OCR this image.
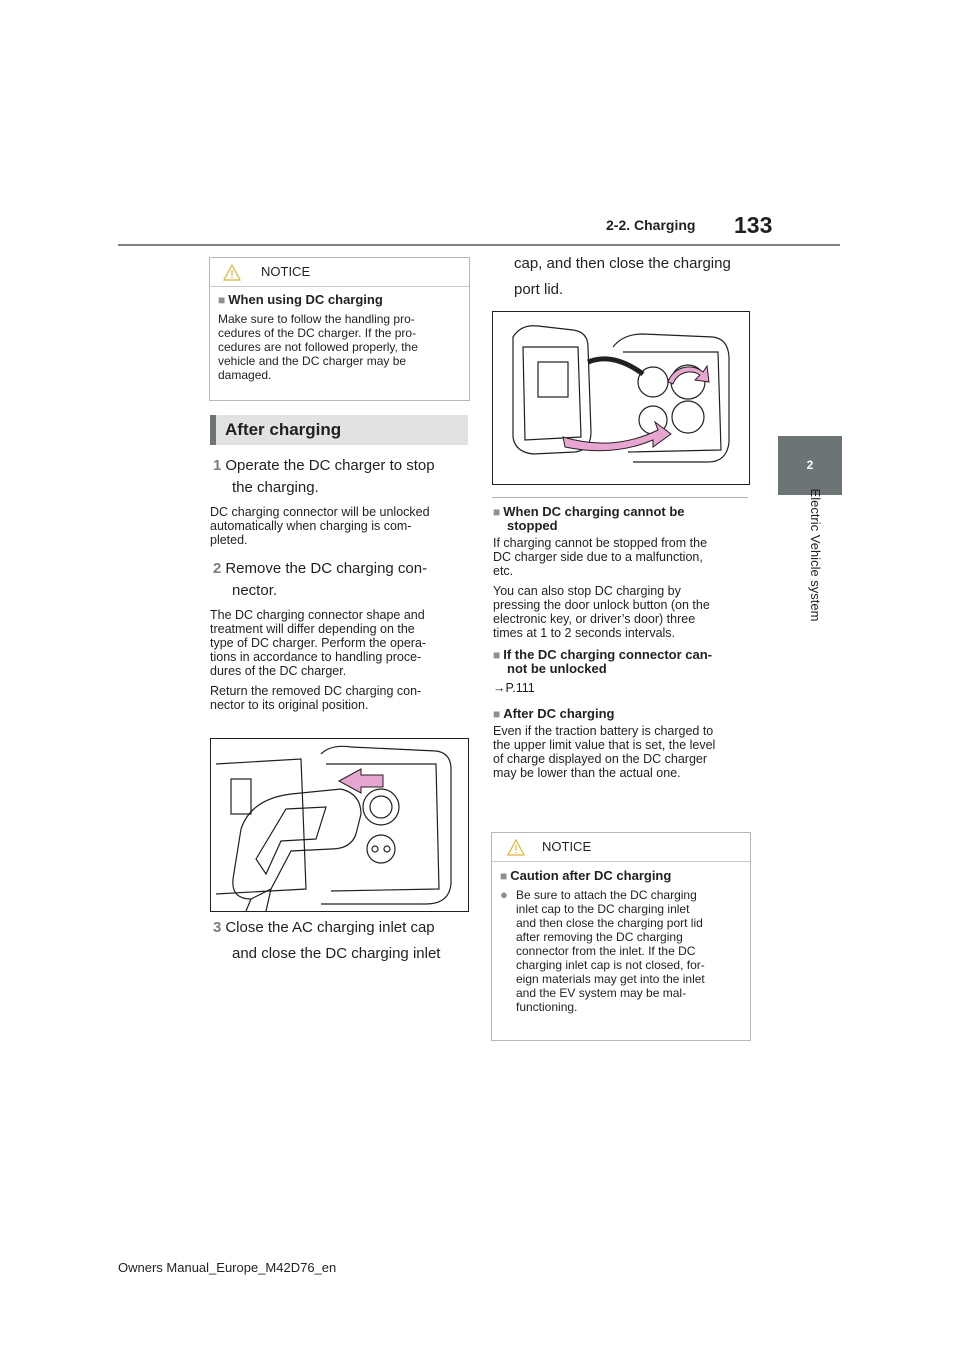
2-2. Charging 133
2
Electric Vehicle system
NOTICE
■ When using DC charging
Make sure to follow the handling pro-
cedures of the DC charger. If the pro-
cedures are not followed properly, the
vehicle and the DC charger may be
damaged.
After charging
1 Operate the DC charger to stop
the charging.
DC charging connector will be unlocked
automatically when charging is com-
pleted.
2 Remove the DC charging con-
nector.
The DC charging connector shape and
treatment will differ depending on the
type of DC charger. Perform the opera-
tions in accordance to handling proce-
dures of the DC charger.
Return the removed DC charging con-
nector to its original position.
3 Close the AC charging inlet cap
and close the DC charging inlet
cap, and then close the charging
port lid.
■ When DC charging cannot be
stopped
If charging cannot be stopped from the
DC charger side due to a malfunction,
etc.
You can also stop DC charging by
pressing the door unlock button (on the
electronic key, or driver’s door) three
times at 1 to 2 seconds intervals.
■ If the DC charging connector can-
not be unlocked
→P.111
■ After DC charging
Even if the traction battery is charged to
the upper limit value that is set, the level
of charge displayed on the DC charger
may be lower than the actual one.
NOTICE
■ Caution after DC charging
● Be sure to attach the DC charging
inlet cap to the DC charging inlet
and then close the charging port lid
after removing the DC charging
connector from the inlet. If the DC
charging inlet cap is not closed, for-
eign materials may get into the inlet
and the EV system may be mal-
functioning.
Owners Manual_Europe_M42D76_en
